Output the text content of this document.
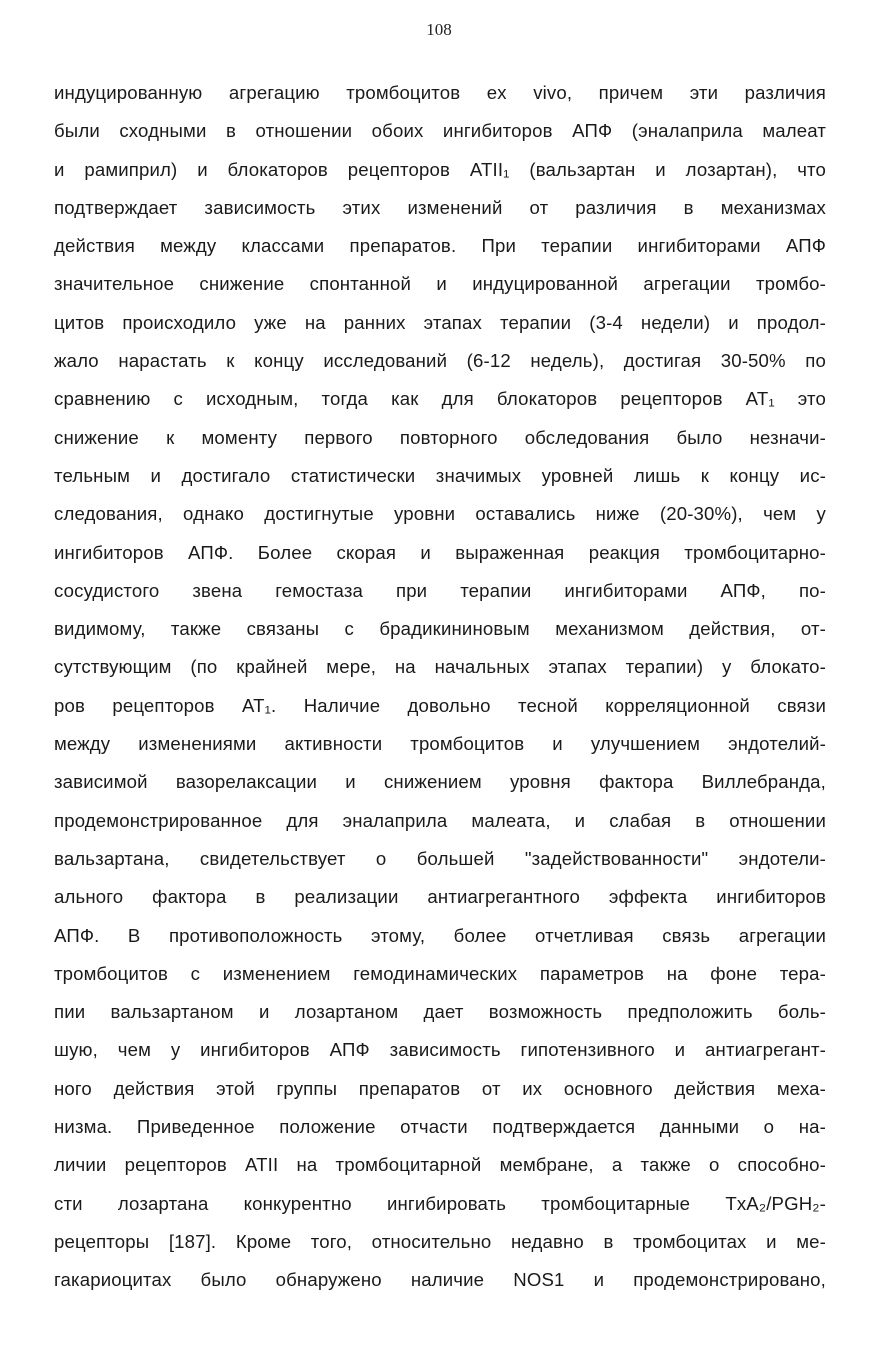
108
индуцированную агрегацию тромбоцитов ex vivo, причем эти различия
были сходными в отношении обоих ингибиторов АПФ (эналаприла малеат
и рамиприл) и блокаторов рецепторов ATII₁ (вальзартан и лозартан), что
подтверждает зависимость этих изменений от различия в механизмах
действия между классами препаратов. При терапии ингибиторами АПФ
значительное снижение спонтанной и индуцированной агрегации тромбо-
цитов происходило уже на ранних этапах терапии (3-4 недели) и продол-
жало нарастать к концу исследований (6-12 недель), достигая 30-50% по
сравнению с исходным, тогда как для блокаторов рецепторов AT₁ это
снижение к моменту первого повторного обследования было незначи-
тельным и достигало статистически значимых уровней лишь к концу ис-
следования, однако достигнутые уровни оставались ниже (20-30%), чем у
ингибиторов АПФ. Более скорая и выраженная реакция тромбоцитарно-
сосудистого звена гемостаза при терапии ингибиторами АПФ, по-
видимому, также связаны с брадикининовым механизмом действия, от-
сутствующим (по крайней мере, на начальных этапах терапии) у блокато-
ров рецепторов AT₁. Наличие довольно тесной корреляционной связи
между изменениями активности тромбоцитов и улучшением эндотелий-
зависимой вазорелаксации и снижением уровня фактора Виллебранда,
продемонстрированное для эналаприла малеата, и слабая в отношении
вальзартана, свидетельствует о большей "задействованности" эндотели-
ального фактора в реализации антиагрегантного эффекта ингибиторов
АПФ. В противоположность этому, более отчетливая связь агрегации
тромбоцитов с изменением гемодинамических параметров на фоне тера-
пии вальзартаном и лозартаном дает возможность предположить боль-
шую, чем у ингибиторов АПФ зависимость гипотензивного и антиагрегант-
ного действия этой группы препаратов от их основного действия меха-
низма. Приведенное положение отчасти подтверждается данными о на-
личии рецепторов ATII на тромбоцитарной мембране, а также о способно-
сти лозартана конкурентно ингибировать тромбоцитарные TxA₂/PGH₂-
рецепторы [187]. Кроме того, относительно недавно в тромбоцитах и ме-
гакариоцитах было обнаружено наличие NOS1 и продемонстрировано,
